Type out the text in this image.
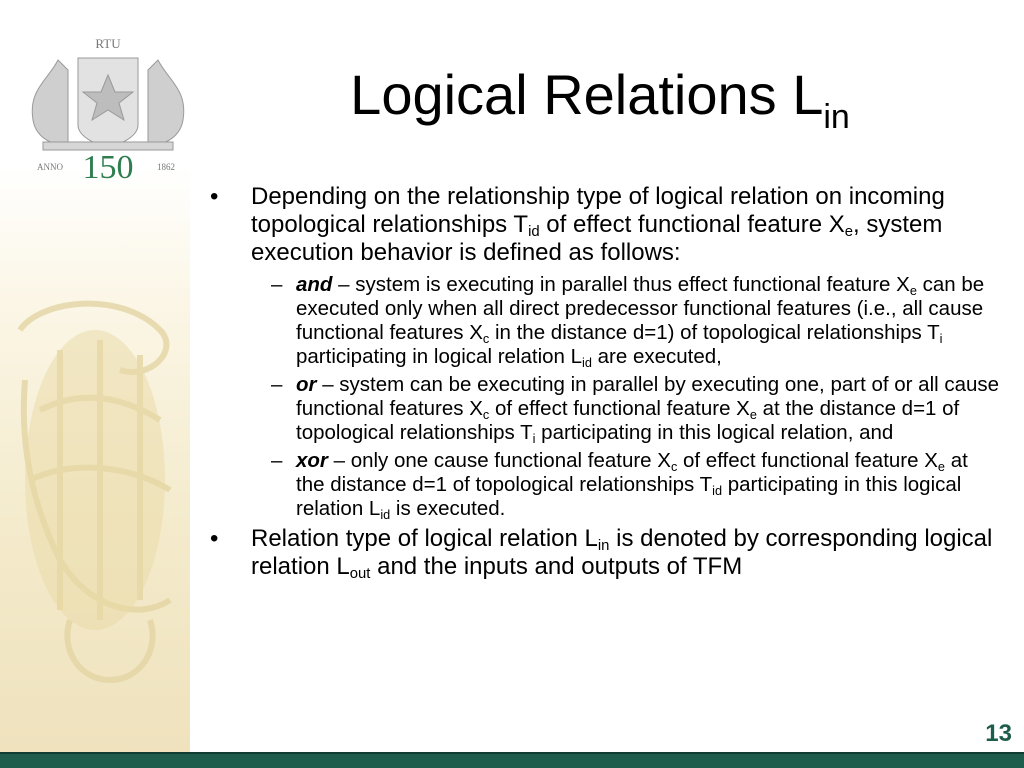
RTU
ANNO 150	1862
Logical Relations $L_{in}$

• Depending on the relationship type of logical relation on incoming topological relationships $T_{id}$ of effect functional feature $X_e$, system execution behavior is defined as follows:

– and – system is executing in parallel thus effect functional feature $X_e$ can be executed only when all direct predecessor functional features (i.e., all cause functional features $X_c$ in the distance d=1) of topological relationships $T_i$ participating in logical relation $L_{id}$ are executed,

– or – system can be executing in parallel by executing one, part of or all cause functional features $X_c$ of effect functional feature $X_e$ at the distance d=1 of topological relationships $T_i$ participating in this logical relation, and

– xor – only one cause functional feature $X_c$ of effect functional feature $X_e$ at the distance d=1 of topological relationships $T_{id}$ participating in this logical relation $L_{id}$ is executed.

• Relation type of logical relation $L_{in}$ is denoted by corresponding logical relation $L_{out}$ and the inputs and outputs of TFM

13
